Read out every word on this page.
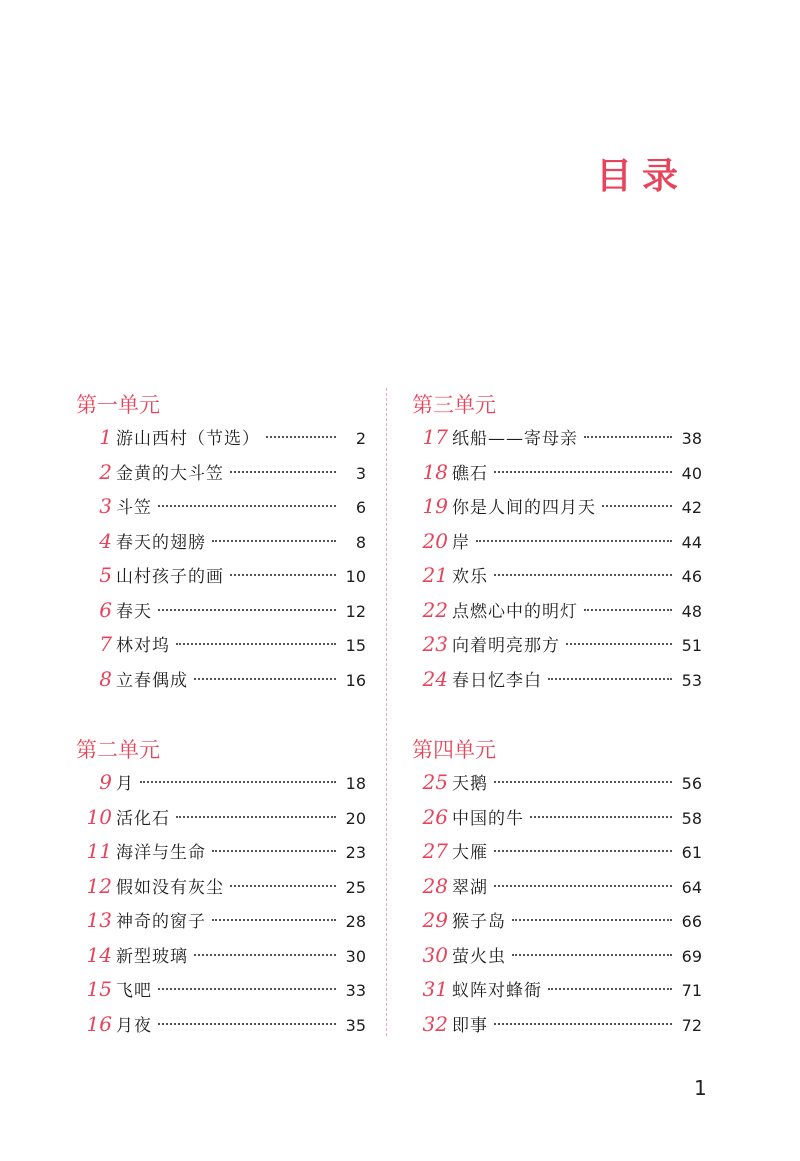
目录
第一单元
1 游山西村（节选）	2
2 金黄的大斗笠	3
3 斗笠	6
4 春天的翅膀	8
5 山村孩子的画	10
6 春天	12
7 林对坞	15
8 立春偶成	16
第二单元
9 月	18
10 活化石	20
11 海洋与生命	23
12 假如没有灰尘	25
13 神奇的窗子	28
14 新型玻璃	30
15 飞吧	33
16 月夜	35
第三单元
17 纸船——寄母亲	38
18 礁石	40
19 你是人间的四月天	42
20 岸	44
21 欢乐	46
22 点燃心中的明灯	48
23 向着明亮那方	51
24 春日忆李白	53
第四单元
25 天鹅	56
26 中国的牛	58
27 大雁	61
28 翠湖	64
29 猴子岛	66
30 萤火虫	69
31 蚁阵对蜂衙	71
32 即事	72
1
